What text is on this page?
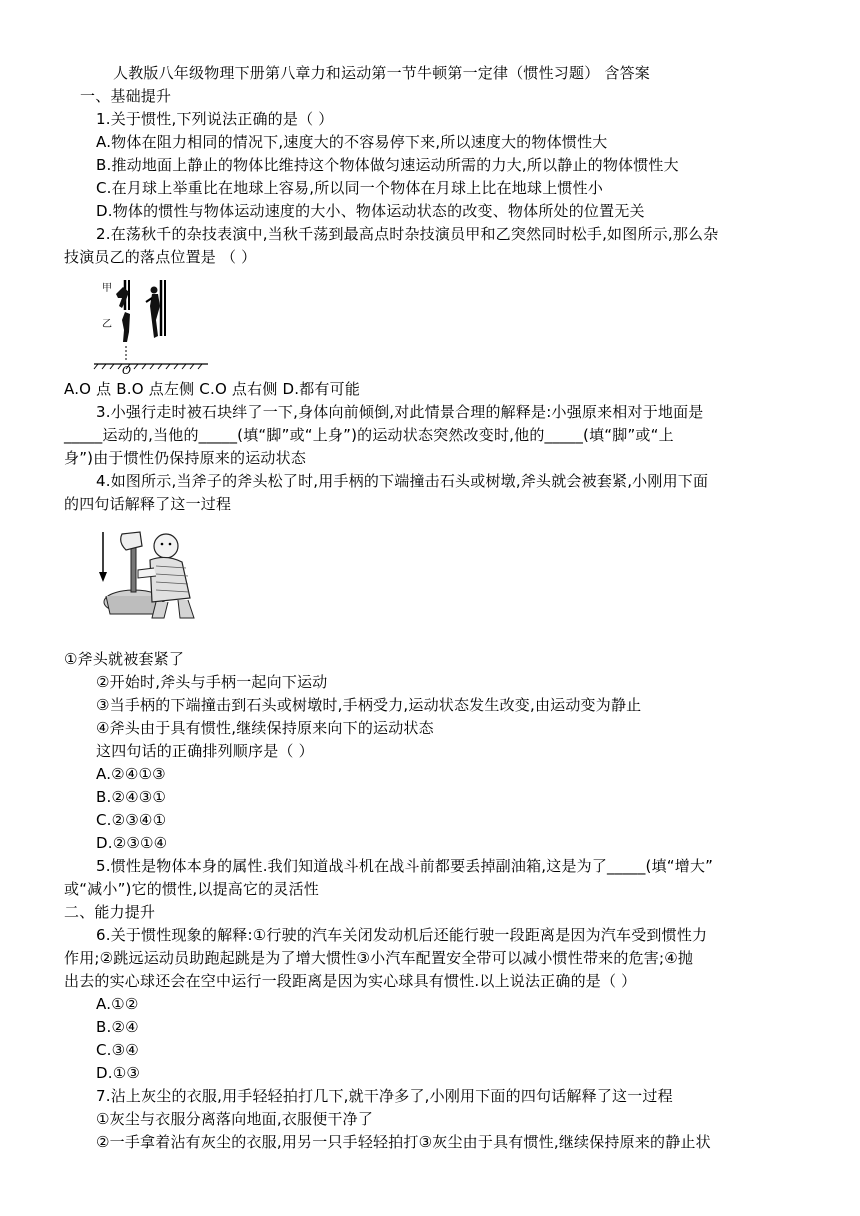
人教版八年级物理下册第八章力和运动第一节牛顿第一定律（惯性习题） 含答案
一、基础提升
1.关于惯性,下列说法正确的是（ ）
A.物体在阻力相同的情况下,速度大的不容易停下来,所以速度大的物体惯性大
B.推动地面上静止的物体比维持这个物体做匀速运动所需的力大,所以静止的物体惯性大
C.在月球上举重比在地球上容易,所以同一个物体在月球上比在地球上惯性小
D.物体的惯性与物体运动速度的大小、物体运动状态的改变、物体所处的位置无关
2.在荡秋千的杂技表演中,当秋千荡到最高点时杂技演员甲和乙突然同时松手,如图所示,那么杂
技演员乙的落点位置是 （ ）
甲
乙
O
A.O 点 B.O 点左侧 C.O 点右侧 D.都有可能
3.小强行走时被石块绊了一下,身体向前倾倒,对此情景合理的解释是:小强原来相对于地面是
_____运动的,当他的_____(填“脚”或“上身”)的运动状态突然改变时,他的_____(填“脚”或“上
身”)由于惯性仍保持原来的运动状态
4.如图所示,当斧子的斧头松了时,用手柄的下端撞击石头或树墩,斧头就会被套紧,小刚用下面
的四句话解释了这一过程
①斧头就被套紧了
②开始时,斧头与手柄一起向下运动
③当手柄的下端撞击到石头或树墩时,手柄受力,运动状态发生改变,由运动变为静止
④斧头由于具有惯性,继续保持原来向下的运动状态
这四句话的正确排列顺序是（ ）
A.②④①③
B.②④③①
C.②③④①
D.②③①④
5.惯性是物体本身的属性.我们知道战斗机在战斗前都要丢掉副油箱,这是为了_____(填“增大”
或“减小”)它的惯性,以提高它的灵活性
二、能力提升
6.关于惯性现象的解释:①行驶的汽车关闭发动机后还能行驶一段距离是因为汽车受到惯性力
作用;②跳远运动员助跑起跳是为了增大惯性③小汽车配置安全带可以减小惯性带来的危害;④抛
出去的实心球还会在空中运行一段距离是因为实心球具有惯性.以上说法正确的是（ ）
A.①②
B.②④
C.③④
D.①③
7.沾上灰尘的衣服,用手轻轻拍打几下,就干净多了,小刚用下面的四句话解释了这一过程
①灰尘与衣服分离落向地面,衣服便干净了
②一手拿着沾有灰尘的衣服,用另一只手轻轻拍打③灰尘由于具有惯性,继续保持原来的静止状
